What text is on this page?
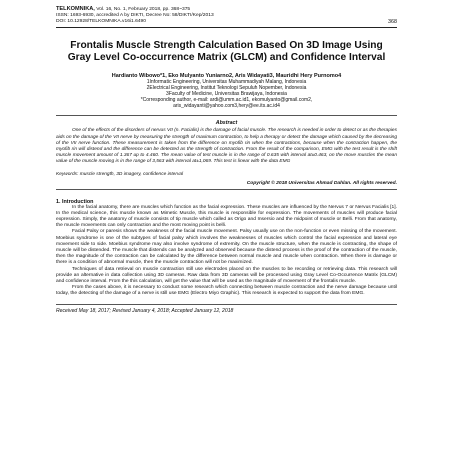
TELKOMNIKA, Vol. 16, No. 1, February 2018, pp. 368~375
ISSN: 1693-6930, accredited A by DIKTI, Decree No: 58/DIKTI/Kep/2013
DOI: 10.12928/TELKOMNIKA.v16i1.6490	368
Frontalis Muscle Strength Calculation Based On 3D Image Using Gray Level Co-occurrence Matrix (GLCM) and Confidence Interval
Hardianto Wibowo*1, Eko Mulyanto Yuniarno2, Aris Widayati3, Mauridhi Hery Purnomo4
1Informatic Engineering, Universitas Muhammadiyah Malang, Indonesia
2Electrical Engineering, Institut Teknologi Sepuluh Nopember, Indonesia
3Faculty of Medicine, Universitas Brawijaya, Indonesia
*Corresponding author, e-mail: ardi@umm.ac.id1, ekomulyanto@gmail.com2,
aris_widayanti@yahoo.com3,hery@ee.its.ac.id4
Abstract
One of the effects of the disorders of nervus VII (n. Facialis) is the damage of facial muscle. The research is needed in order to detect or as the therapies aids on the damage of the VII nerve by measuring the strength of maximum contraction, to help a therapy or detect the damage which caused by the decreasing of the VII nerve function. These measurement is taken from the difference on myofib rin when the contractions, because when the contraction happen, the myofib rin will distend and the difference can be detected as the strength of contraction. From the result of the comparison, EMG with the test result is the shift muscle movement amount of 1.367 up to 4.460. The mean value of test muscle is in the range of 0.635 with interval at±0.463, on the move muscles the mean value of the muscle moving is in the range of 3,563 with interval at±1,069. This test is linear with the data EMG
Keywords: muscle strength, 3D imagery, confidence interval
Copyright © 2018 Universitas Ahmad Dahlan. All rights reserved.
1. Introduction

In the facial anatomy, there are muscles which function as the facial expression. These muscles are influenced by the Nervus 7 or Nervus Facialis [1]. In the medical science, this muscle known as Mimetic Muscle, this muscle is responsible for expression. The movements of muscles will produce facial expression. Simply, the anatomy of muscle consists of tip muscle which called as Origo and Insersio and the midpoint of muscle or Belli. From that anatomy, the muscle movements can only contraction and the most moving point is belli.

Facial Palsy or paresis shows the weakness of the facial muscle movement. Palsy usually use on the non-function or even missing of the movement. Moebius syndrome is one of the subtypes of facial palsy which involves the weaknesses of muscles which control the facial expression and lateral eye movement side to side. Moebius syndrome may also involve syndrome of extremity. On the muscle structure, when the muscle is contracting, the shape of muscle will be distended. The muscle that distends can be analyzed and observed because the distend process is the proof of the contraction of the muscle, then the magnitude of the contraction can be calculated by the difference between normal muscle and muscle when contraction. When there is damage or there is a condition of abnormal muscle, then the muscle contraction will not be maximized.

Techniques of data retrieval on muscle contraction still use electrodes placed on the muscles to be recording or retrieving data. This research will provide an alternative in data collection using 3D cameras. Raw data from 3D cameras will be processed using Gray Level Co-Occurrence Matrix (GLCM) and confidence interval. From the this calculation, will get the value that will be used as the magnitude of movement of the frontalis muscle.

From the cases above, it is necessary to conduct some research which connecting between muscle contraction and the nerve damage because until today, the detecting of the damage of a nerve is still use EMG (Electro Miyo Graphic). This research is expected to support the data from EMG.

Received May 18, 2017; Revised January 4, 2018; Accepted January 12, 2018
